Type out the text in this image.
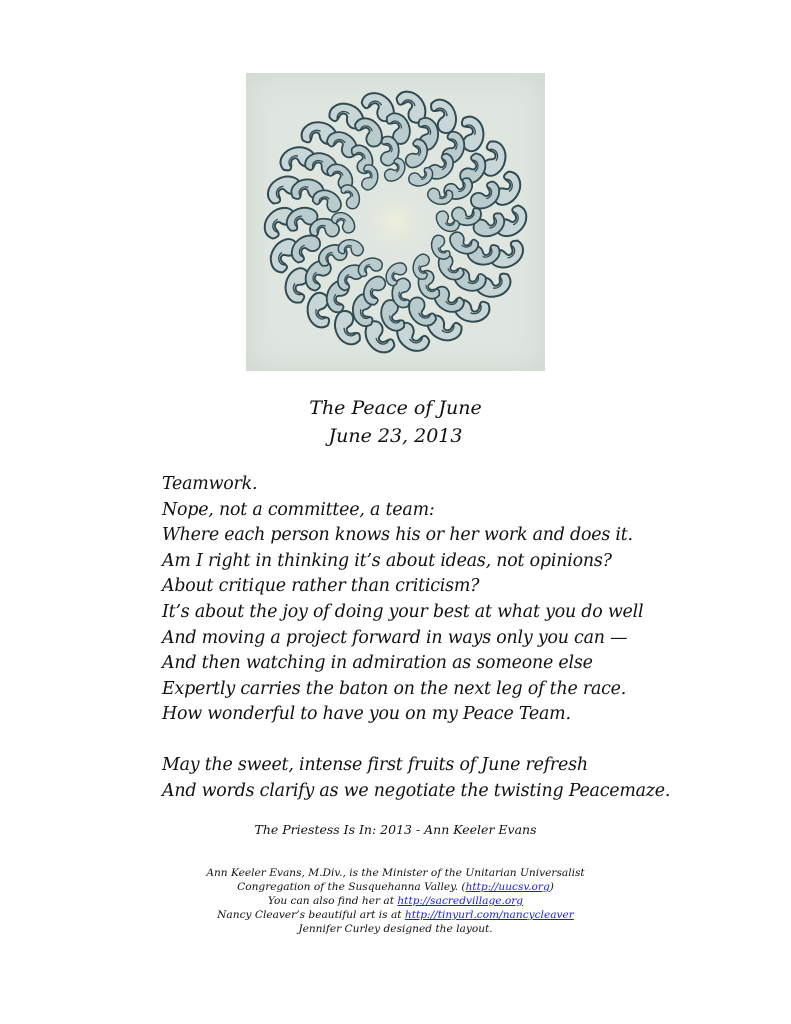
The Peace of June
June 23, 2013
Teamwork.
Nope, not a committee, a team:
Where each person knows his or her work and does it.
Am I right in thinking it’s about ideas, not opinions?
About critique rather than criticism?
It’s about the joy of doing your best at what you do well
And moving a project forward in ways only you can —
And then watching in admiration as someone else
Expertly carries the baton on the next leg of the race.
How wonderful to have you on my Peace Team.
May the sweet, intense first fruits of June refresh
And words clarify as we negotiate the twisting Peacemaze.
The Priestess Is In: 2013 - Ann Keeler Evans
Ann Keeler Evans, M.Div., is the Minister of the Unitarian Universalist
Congregation of the Susquehanna Valley. (http://uucsv.org)
You can also find her at http://sacredvillage.org
Nancy Cleaver’s beautiful art is at http://tinyurl.com/nancycleaver
Jennifer Curley designed the layout.
